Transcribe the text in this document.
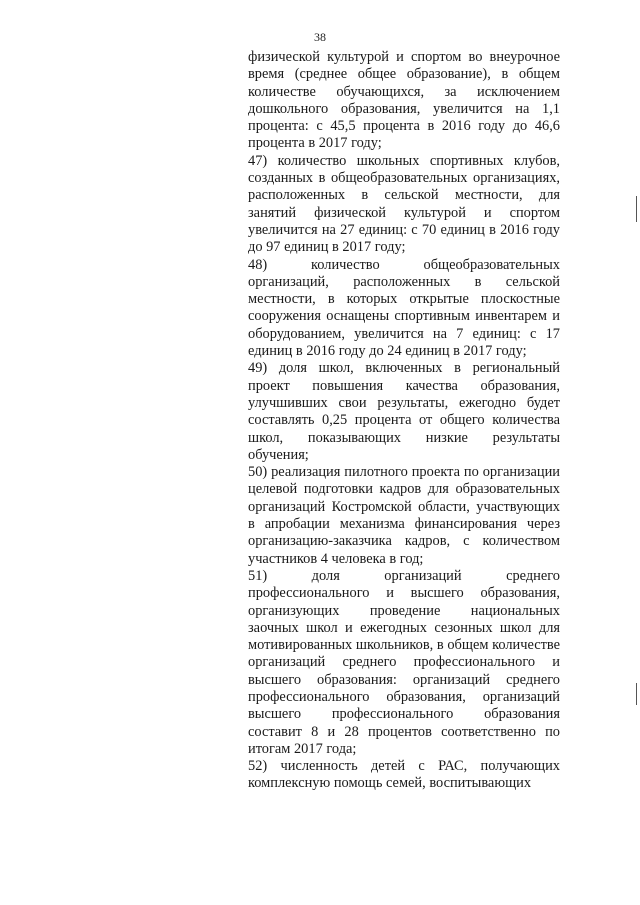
38

физической культурой и спортом во внеурочное время (среднее общее образование), в общем количестве обучающихся, за исключением дошкольного образования, увеличится на 1,1 процента: с 45,5 процента в 2016 году до 46,6 процента в 2017 году;

47) количество школьных спортивных клубов, созданных в общеобразовательных организациях, расположенных в сельской местности, для занятий физической культурой и спортом увеличится на 27 единиц: с 70 единиц в 2016 году до 97 единиц в 2017 году;

48) количество общеобразовательных организаций, расположенных в сельской местности, в которых открытые плоскостные сооружения оснащены спортивным инвентарем и оборудованием, увеличится на 7 единиц: с 17 единиц в 2016 году до 24 единиц в 2017 году;

49) доля школ, включенных в региональный проект повышения качества образования, улучшивших свои результаты, ежегодно будет составлять 0,25 процента от общего количества школ, показывающих низкие результаты обучения;

50) реализация пилотного проекта по организации целевой подготовки кадров для образовательных организаций Костромской области, участвующих в апробации механизма финансирования через организацию-заказчика кадров, с количеством участников 4 человека в год;

51) доля организаций среднего профессионального и высшего образования, организующих проведение национальных заочных школ и ежегодных сезонных школ для мотивированных школьников, в общем количестве организаций среднего профессионального и высшего образования: организаций среднего профессионального образования, организаций высшего профессионального образования составит 8 и 28 процентов соответственно по итогам 2017 года;

52) численность детей с РАС, получающих комплексную помощь семей, воспитывающих
